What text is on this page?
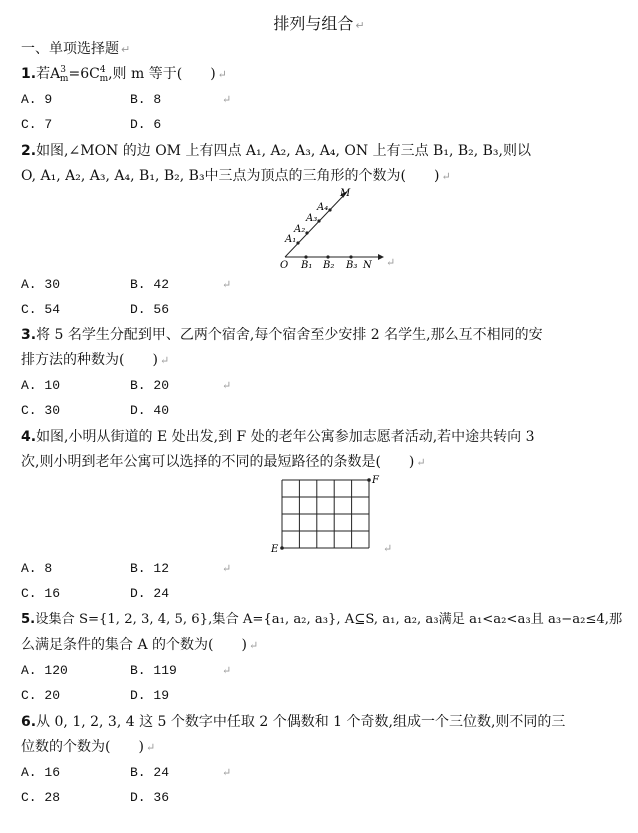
排列与组合 ↵
一、单项选择题 ↵
1.若$A^3_m=6C^4_m$,则 m 等于(　　) ↵
A. 9	B. 8	↵
C. 7	D. 6
2.如图,∠MON 的边 OM 上有四点 A₁, A₂, A₃, A₄, ON 上有三点 B₁, B₂, B₃,则以
O, A₁, A₂, A₃, A₄, B₁, B₂, B₃中三点为顶点的三角形的个数为(　　) ↵
O B₁ B₂ B₃ N
A₁
A₂
A₃
A₄
M
↵
A. 30	B. 42	↵
C. 54	D. 56
3.将 5 名学生分配到甲、乙两个宿舍,每个宿舍至少安排 2 名学生,那么互不相同的安
排方法的种数为(　　) ↵
A. 10	B. 20	↵
C. 30	D. 40
4.如图,小明从街道的 E 处出发,到 F 处的老年公寓参加志愿者活动,若中途共转向 3
次,则小明到老年公寓可以选择的不同的最短路径的条数是(　　) ↵
E
F
↵
A. 8	B. 12	↵
C. 16	D. 24
5.设集合 S={1, 2, 3, 4, 5, 6},集合 A={a₁, a₂, a₃}, A⊆S, a₁, a₂, a₃满足 a₁<a₂<a₃且 a₃−a₂≤4,那
么满足条件的集合 A 的个数为(　　) ↵
A. 120	B. 119	↵
C. 20	D. 19
6.从 0, 1, 2, 3, 4 这 5 个数字中任取 2 个偶数和 1 个奇数,组成一个三位数,则不同的三
位数的个数为(　　) ↵
A. 16	B. 24	↵
C. 28	D. 36
